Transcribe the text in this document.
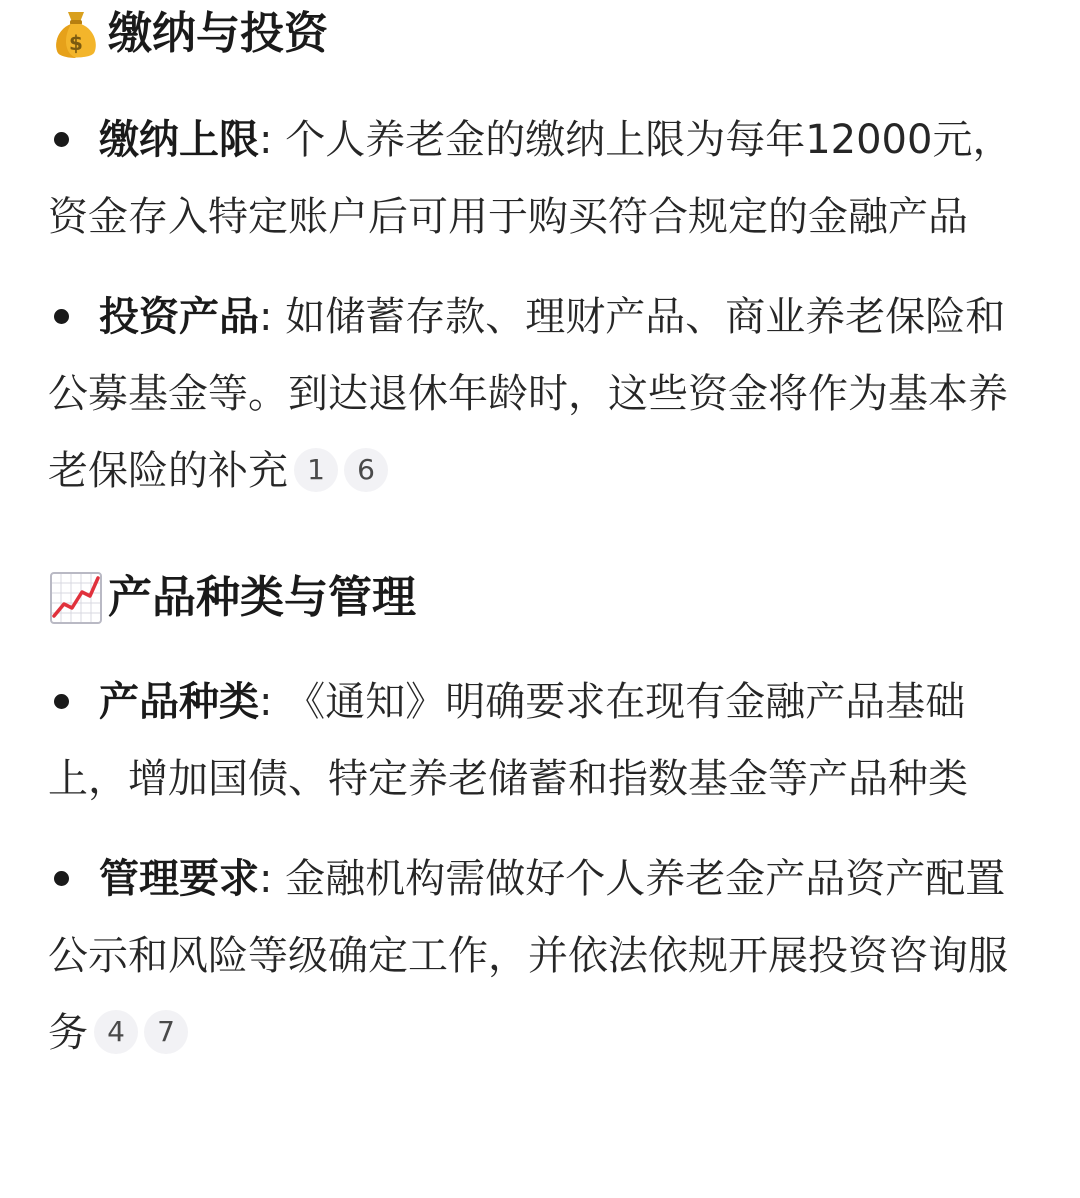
$ 缴纳与投资
缴纳上限: 个人养老金的缴纳上限为每年12000元，资金存入特定账户后可用于购买符合规定的金融产品
投资产品: 如储蓄存款、理财产品、商业养老保险和公募基金等。到达退休年龄时，这些资金将作为基本养老保险的补充 1 6
产品种类与管理
产品种类: 《通知》明确要求在现有金融产品基础上，增加国债、特定养老储蓄和指数基金等产品种类
管理要求: 金融机构需做好个人养老金产品资产配置公示和风险等级确定工作，并依法依规开展投资咨询服务 4 7
